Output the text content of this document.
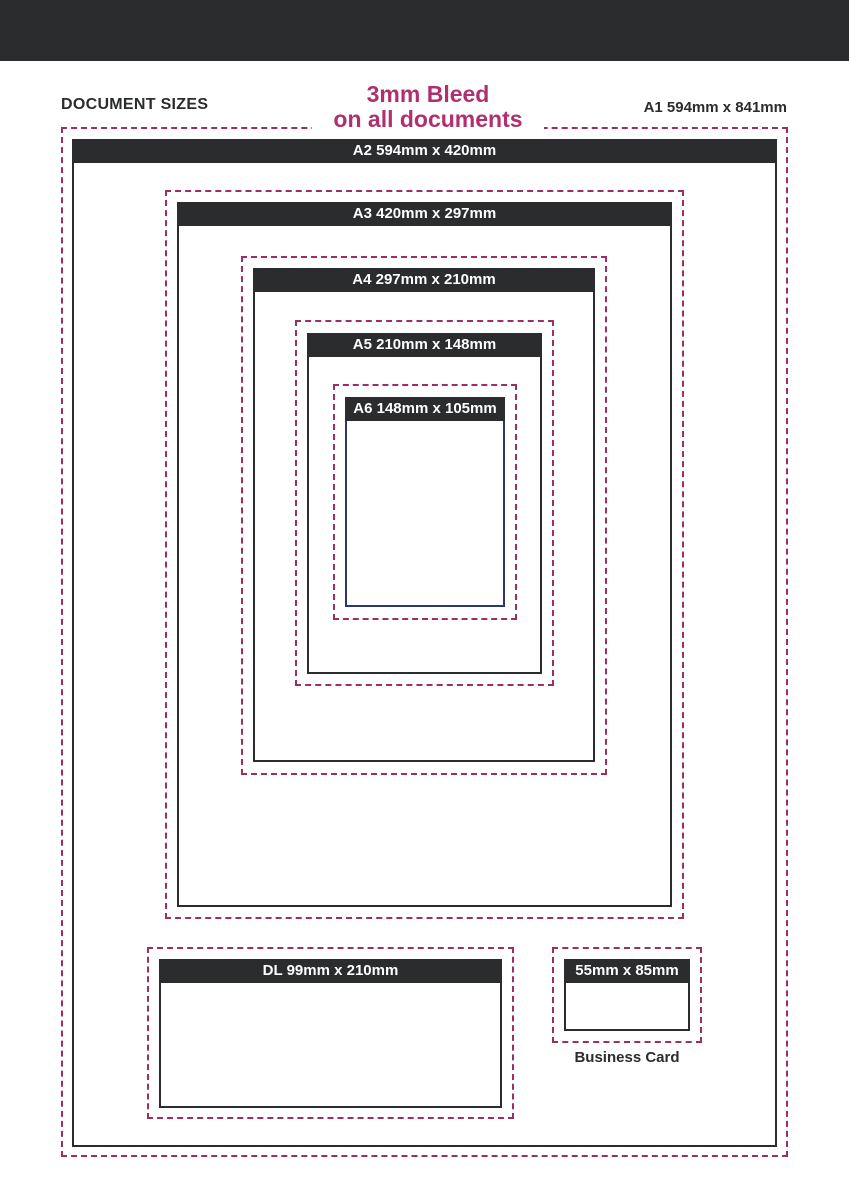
DOCUMENT SIZES	A1 594mm x 841mm
3mm Bleed
on all documents
A2 594mm x 420mm
A3 420mm x 297mm
A4 297mm x 210mm
A5 210mm x 148mm
A6 148mm x 105mm
DL 99mm x 210mm	55mm x 85mm
Business Card
